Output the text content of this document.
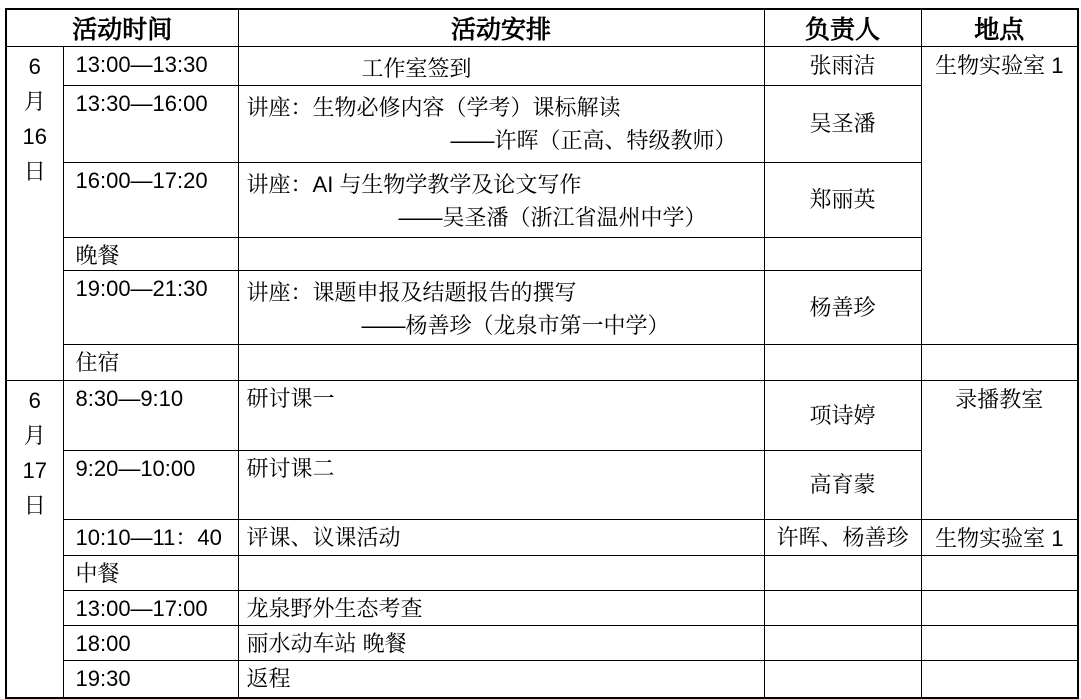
活动时间		活动安排	负责人	地点

6
月
16
日	13:00—13:30	工作室签到	张雨洁	生物实验室 1
	13:30—16:00	讲座：生物必修内容（学考）课标解读
——许晖（正高、特级教师）	吴圣潘	
	16:00—17:20	讲座：AI 与生物学教学及论文写作
——吴圣潘（浙江省温州中学）	郑丽英	
	晚餐			
	19:00—21:30	讲座：课题申报及结题报告的撰写
——杨善珍（龙泉市第一中学）	杨善珍	
	住宿			

6
月
17
日	8:30—9:10	研讨课一	项诗婷	录播教室
	9:20—10:00	研讨课二	高育蒙	
	10:10—11：40	评课、议课活动	许晖、杨善珍	生物实验室 1
	中餐			
	13:00—17:00	龙泉野外生态考查		
	18:00	丽水动车站 晚餐		
	19:30	返程		
